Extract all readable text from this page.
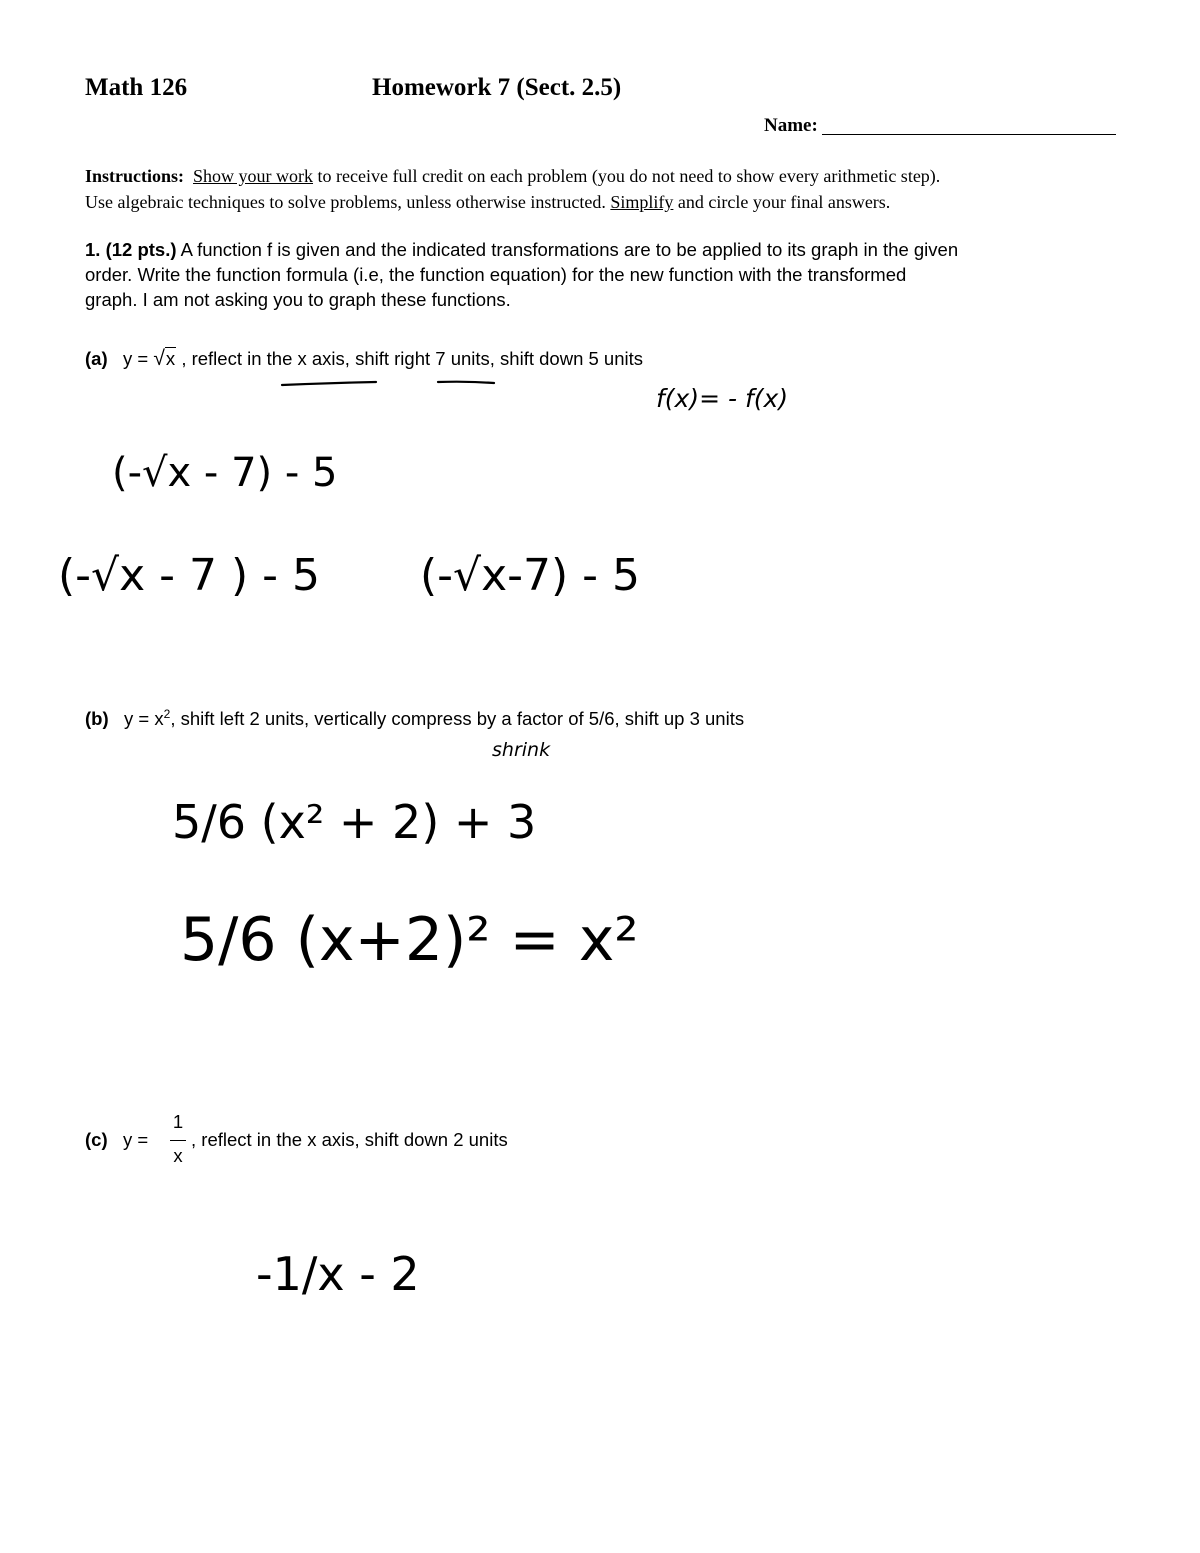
Math 126	Homework 7 (Sect. 2.5)
Name:
Instructions: Show your work to receive full credit on each problem (you do not need to show every arithmetic step).
Use algebraic techniques to solve problems, unless otherwise instructed. Simplify and circle your final answers.
1. (12 pts.) A function f is given and the indicated transformations are to be applied to its graph in the given
order. Write the function formula (i.e, the function equation) for the new function with the transformed
graph. I am not asking you to graph these functions.
(a) y = √x , reflect in the x axis, shift right 7 units, shift down 5 units
(b) $y = x^2$, shift left 2 units, vertically compress by a factor of 5/6, shift up 3 units
(c) y =
1
x
, reflect in the x axis, shift down 2 units
f(x)= - f(x)
(-√x - 7) - 5
(-√x - 7 ) - 5 (-√x-7) - 5
shrink
5/6 (x² + 2) + 3
5/6 (x+2)² = x²
-1/x - 2
